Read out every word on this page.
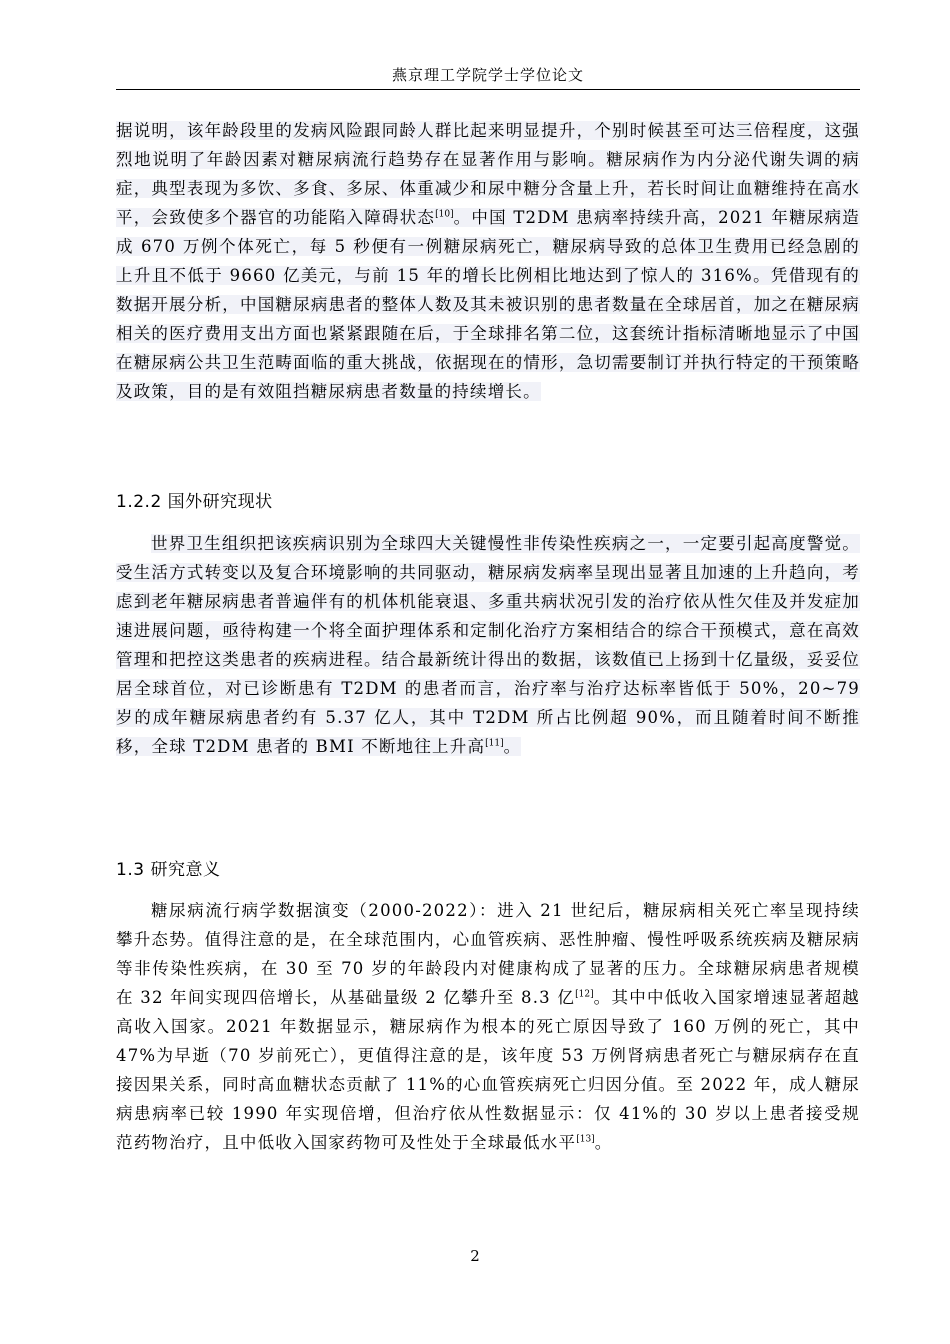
燕京理工学院学士学位论文
据说明，该年龄段里的发病风险跟同龄人群比起来明显提升，个别时候甚至可达三倍程度，这强烈地说明了年龄因素对糖尿病流行趋势存在显著作用与影响。糖尿病作为内分泌代谢失调的病症，典型表现为多饮、多食、多尿、体重减少和尿中糖分含量上升，若长时间让血糖维持在高水平，会致使多个器官的功能陷入障碍状态[10]。中国 T2DM 患病率持续升高，2021 年糖尿病造成 670 万例个体死亡，每 5 秒便有一例糖尿病死亡，糖尿病导致的总体卫生费用已经急剧的上升且不低于 9660 亿美元，与前 15 年的增长比例相比地达到了惊人的 316%。凭借现有的数据开展分析，中国糖尿病患者的整体人数及其未被识别的患者数量在全球居首，加之在糖尿病相关的医疗费用支出方面也紧紧跟随在后，于全球排名第二位，这套统计指标清晰地显示了中国在糖尿病公共卫生范畴面临的重大挑战，依据现在的情形，急切需要制订并执行特定的干预策略及政策，目的是有效阻挡糖尿病患者数量的持续增长。
1.2.2 国外研究现状
世界卫生组织把该疾病识别为全球四大关键慢性非传染性疾病之一，一定要引起高度警觉。受生活方式转变以及复合环境影响的共同驱动，糖尿病发病率呈现出显著且加速的上升趋向，考虑到老年糖尿病患者普遍伴有的机体机能衰退、多重共病状况引发的治疗依从性欠佳及并发症加速进展问题，亟待构建一个将全面护理体系和定制化治疗方案相结合的综合干预模式，意在高效管理和把控这类患者的疾病进程。结合最新统计得出的数据，该数值已上扬到十亿量级，妥妥位居全球首位，对已诊断患有 T2DM 的患者而言，治疗率与治疗达标率皆低于 50%，20~79 岁的成年糖尿病患者约有 5.37 亿人，其中 T2DM 所占比例超 90%，而且随着时间不断推移，全球 T2DM 患者的 BMI 不断地往上升高[11]。
1.3 研究意义
糖尿病流行病学数据演变（2000-2022）：进入 21 世纪后，糖尿病相关死亡率呈现持续攀升态势。值得注意的是，在全球范围内，心血管疾病、恶性肿瘤、慢性呼吸系统疾病及糖尿病等非传染性疾病，在 30 至 70 岁的年龄段内对健康构成了显著的压力。全球糖尿病患者规模在 32 年间实现四倍增长，从基础量级 2 亿攀升至 8.3 亿[12]。其中中低收入国家增速显著超越高收入国家。2021 年数据显示，糖尿病作为根本的死亡原因导致了 160 万例的死亡，其中 47%为早逝（70 岁前死亡），更值得注意的是，该年度 53 万例肾病患者死亡与糖尿病存在直接因果关系，同时高血糖状态贡献了 11%的心血管疾病死亡归因分值。至 2022 年，成人糖尿病患病率已较 1990 年实现倍增，但治疗依从性数据显示：仅 41%的 30 岁以上患者接受规范药物治疗，且中低收入国家药物可及性处于全球最低水平[13]。
2
